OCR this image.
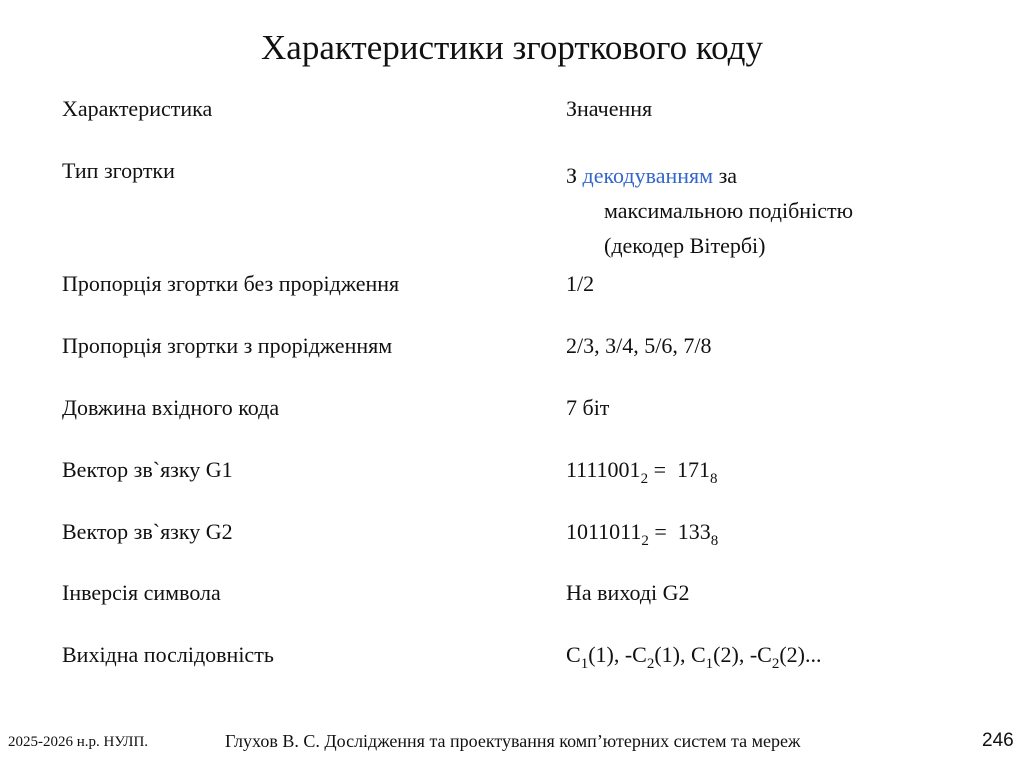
Характеристики згорткового коду
Характеристика	Значення
Тип згортки	З декодуванням за
максимальною подібністю
(декодер Вітербі)
Пропорція згортки без прорідження	1/2
Пропорція згортки з прорідженням	2/3, 3/4, 5/6, 7/8
Довжина вхідного кода	7 біт
Вектор зв`язку G1	$1111001_2 = 171_8$
Вектор зв`язку G2	$1011011_2 = 133_8$
Інверсія символа	На виході G2
Вихідна послідовність	$C_1(1)$, $-C_2(1)$, $C_1(2)$, $-C_2(2)$...
2025-2026 н.р. НУЛП.	Глухов В. С. Дослідження та проектування комп’ютерних систем та мереж	246
